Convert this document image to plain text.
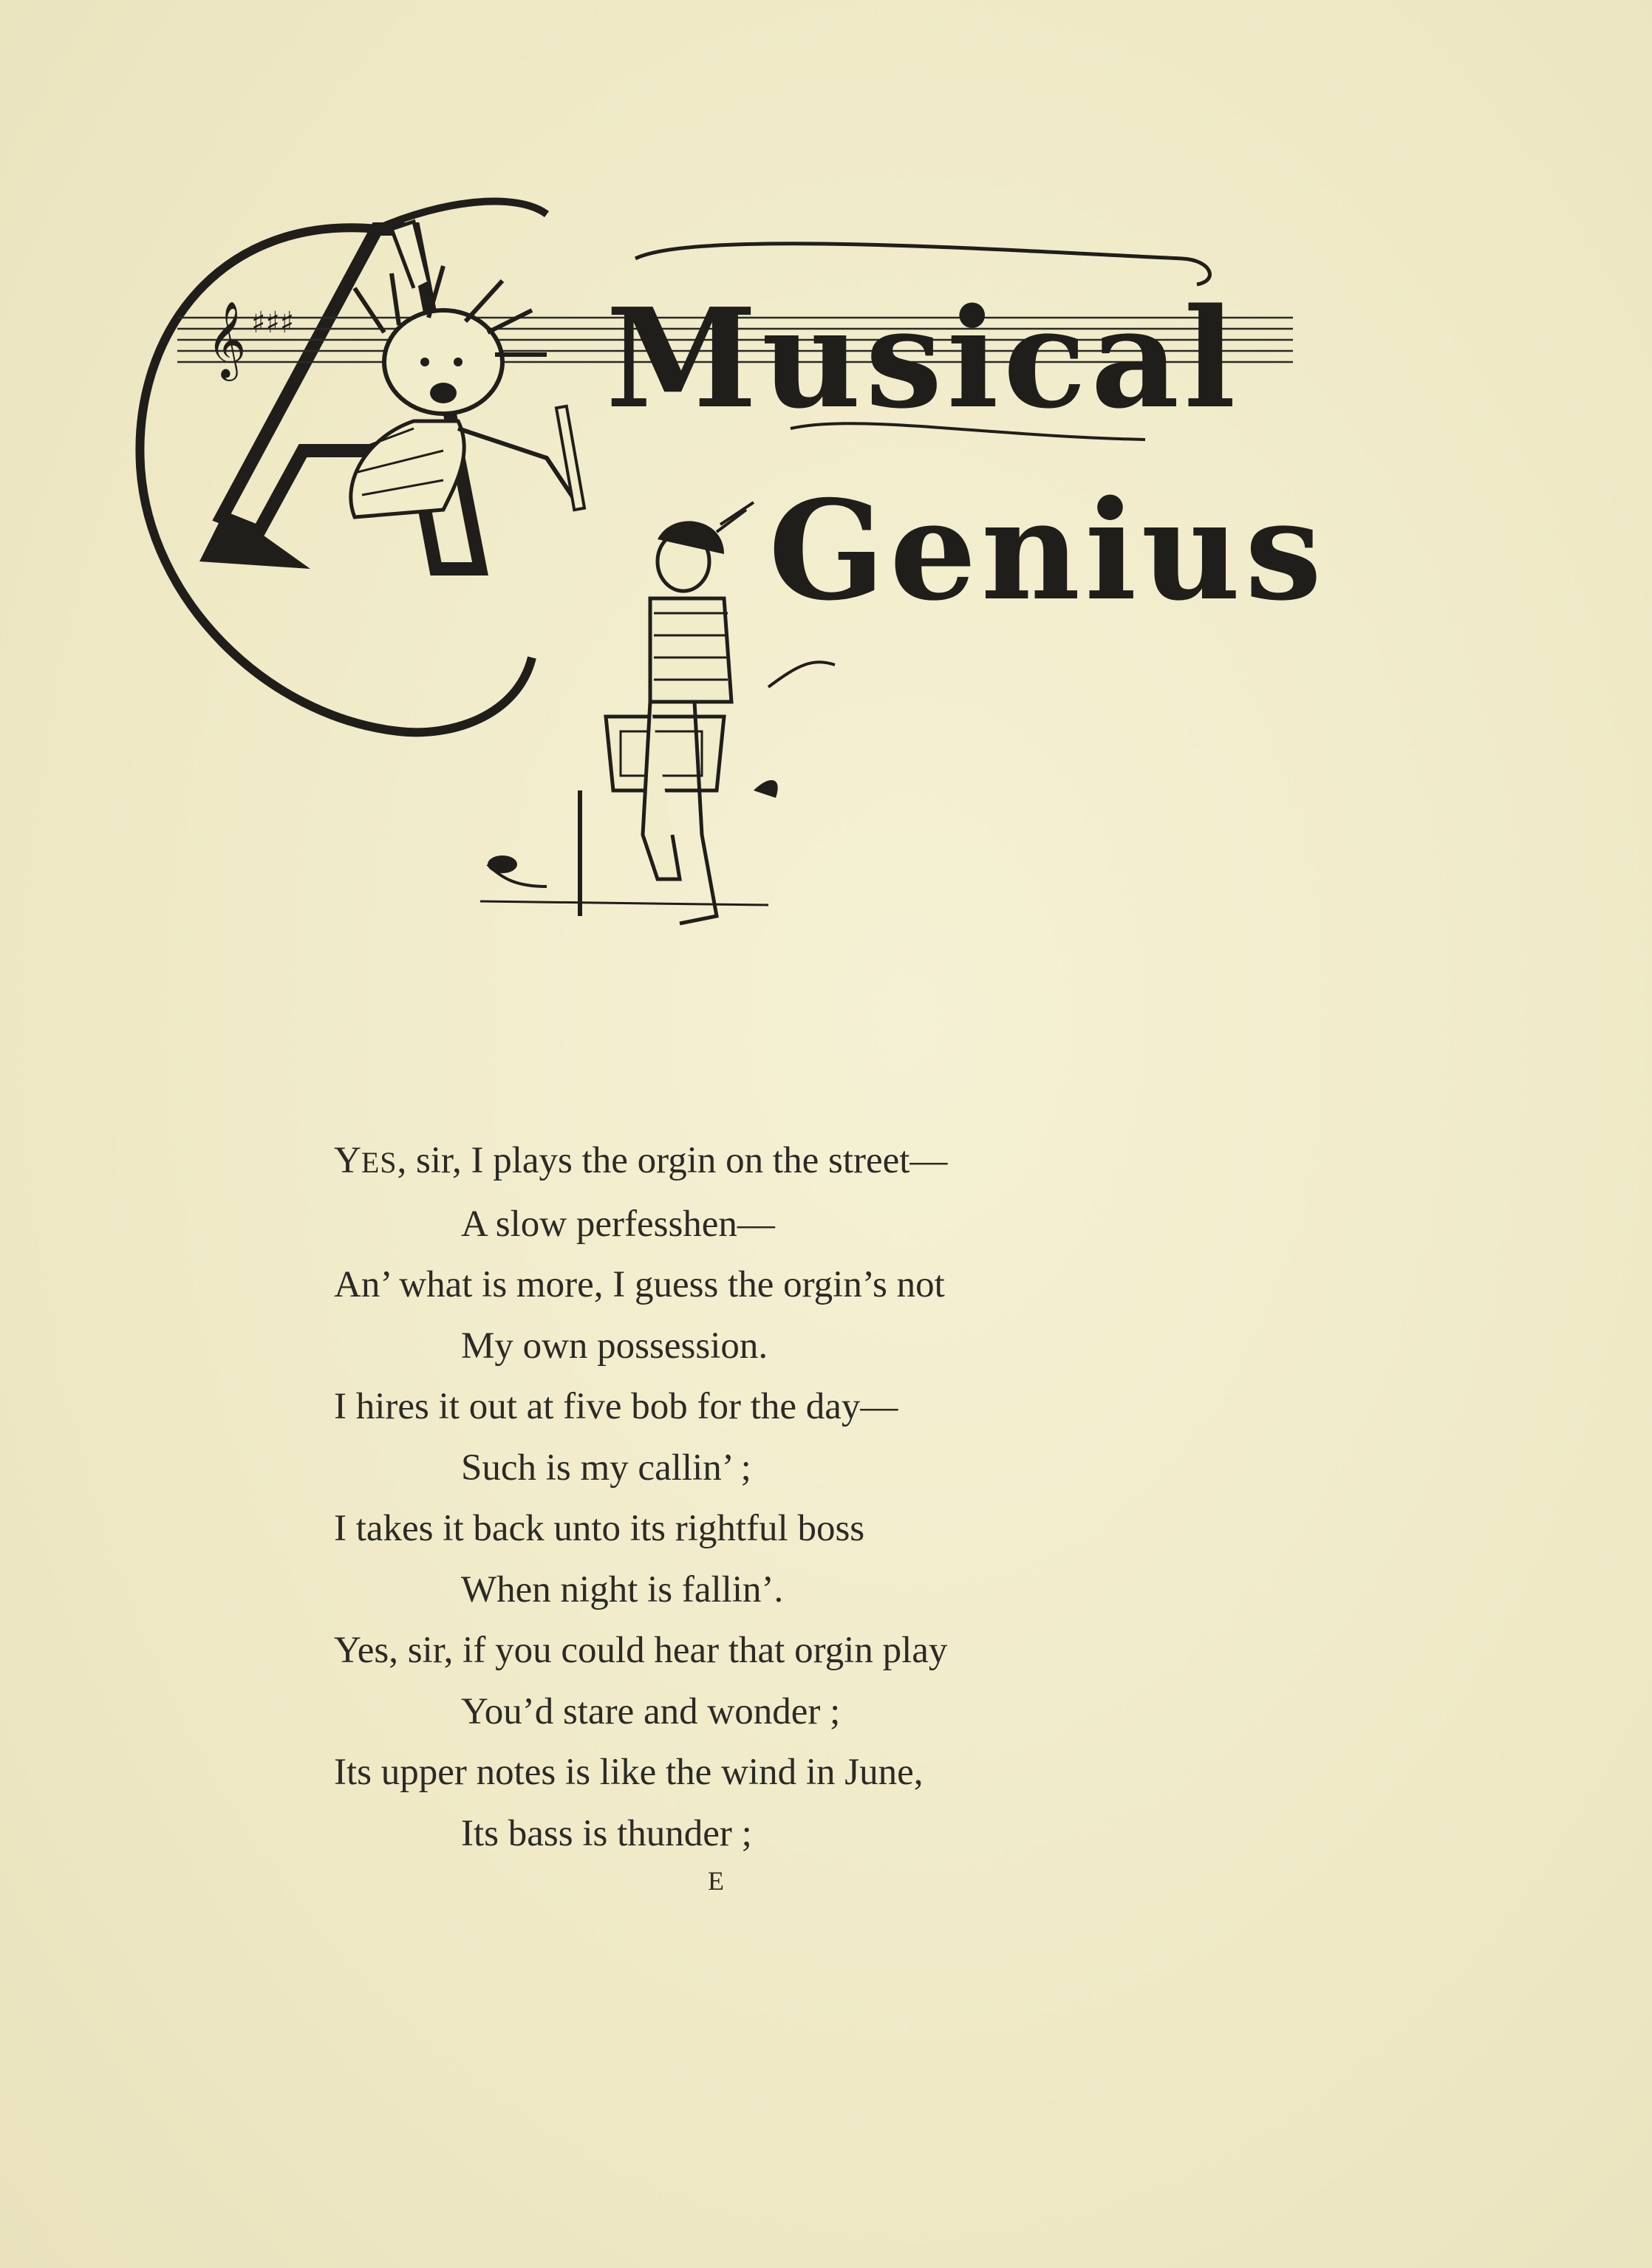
𝄞 ♯♯♯ Musical
Genius
YES, sir, I plays the orgin on the street—
A slow perfesshen—
An’ what is more, I guess the orgin’s not
My own possession.
I hires it out at five bob for the day—
Such is my callin’ ;
I takes it back unto its rightful boss
When night is fallin’.
Yes, sir, if you could hear that orgin play
You’d stare and wonder ;
Its upper notes is like the wind in June,
Its bass is thunder ;
E
